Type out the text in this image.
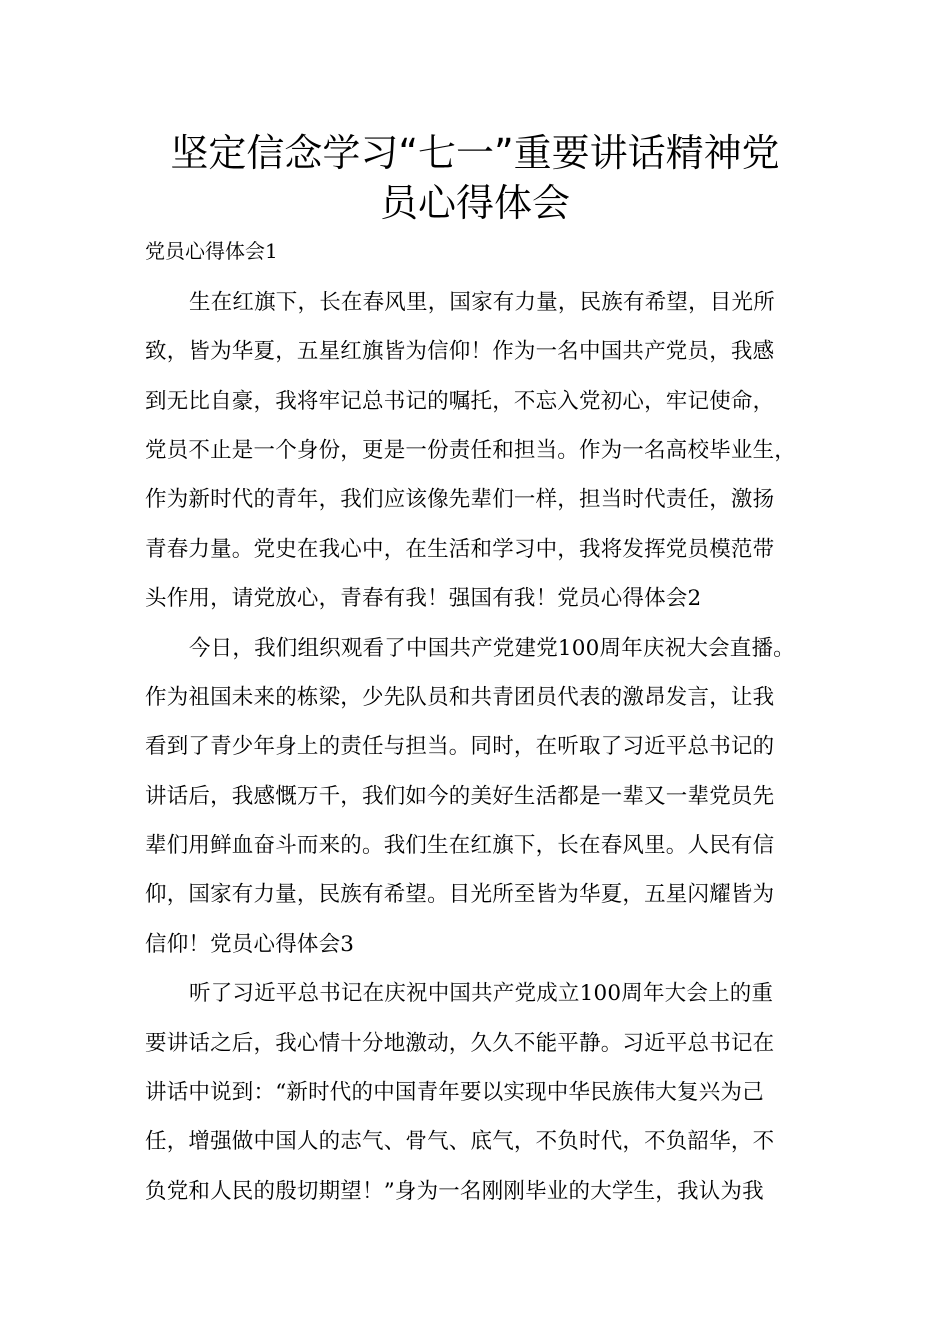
坚定信念学习“七一”重要讲话精神党
员心得体会
党员心得体会1
生在红旗下，长在春风里，国家有力量，民族有希望，目光所
致，皆为华夏，五星红旗皆为信仰！作为一名中国共产党员，我感
到无比自豪，我将牢记总书记的嘱托，不忘入党初心，牢记使命，
党员不止是一个身份，更是一份责任和担当。作为一名高校毕业生，
作为新时代的青年，我们应该像先辈们一样，担当时代责任，激扬
青春力量。党史在我心中，在生活和学习中，我将发挥党员模范带
头作用，请党放心，青春有我！强国有我！党员心得体会2
今日，我们组织观看了中国共产党建党100周年庆祝大会直播。
作为祖国未来的栋梁，少先队员和共青团员代表的激昂发言，让我
看到了青少年身上的责任与担当。同时，在听取了习近平总书记的
讲话后，我感慨万千，我们如今的美好生活都是一辈又一辈党员先
辈们用鲜血奋斗而来的。我们生在红旗下，长在春风里。人民有信
仰，国家有力量，民族有希望。目光所至皆为华夏，五星闪耀皆为
信仰！党员心得体会3
听了习近平总书记在庆祝中国共产党成立100周年大会上的重
要讲话之后，我心情十分地激动，久久不能平静。习近平总书记在
讲话中说到：“新时代的中国青年要以实现中华民族伟大复兴为己
任，增强做中国人的志气、骨气、底气，不负时代，不负韶华，不
负党和人民的殷切期望！”身为一名刚刚毕业的大学生，我认为我
